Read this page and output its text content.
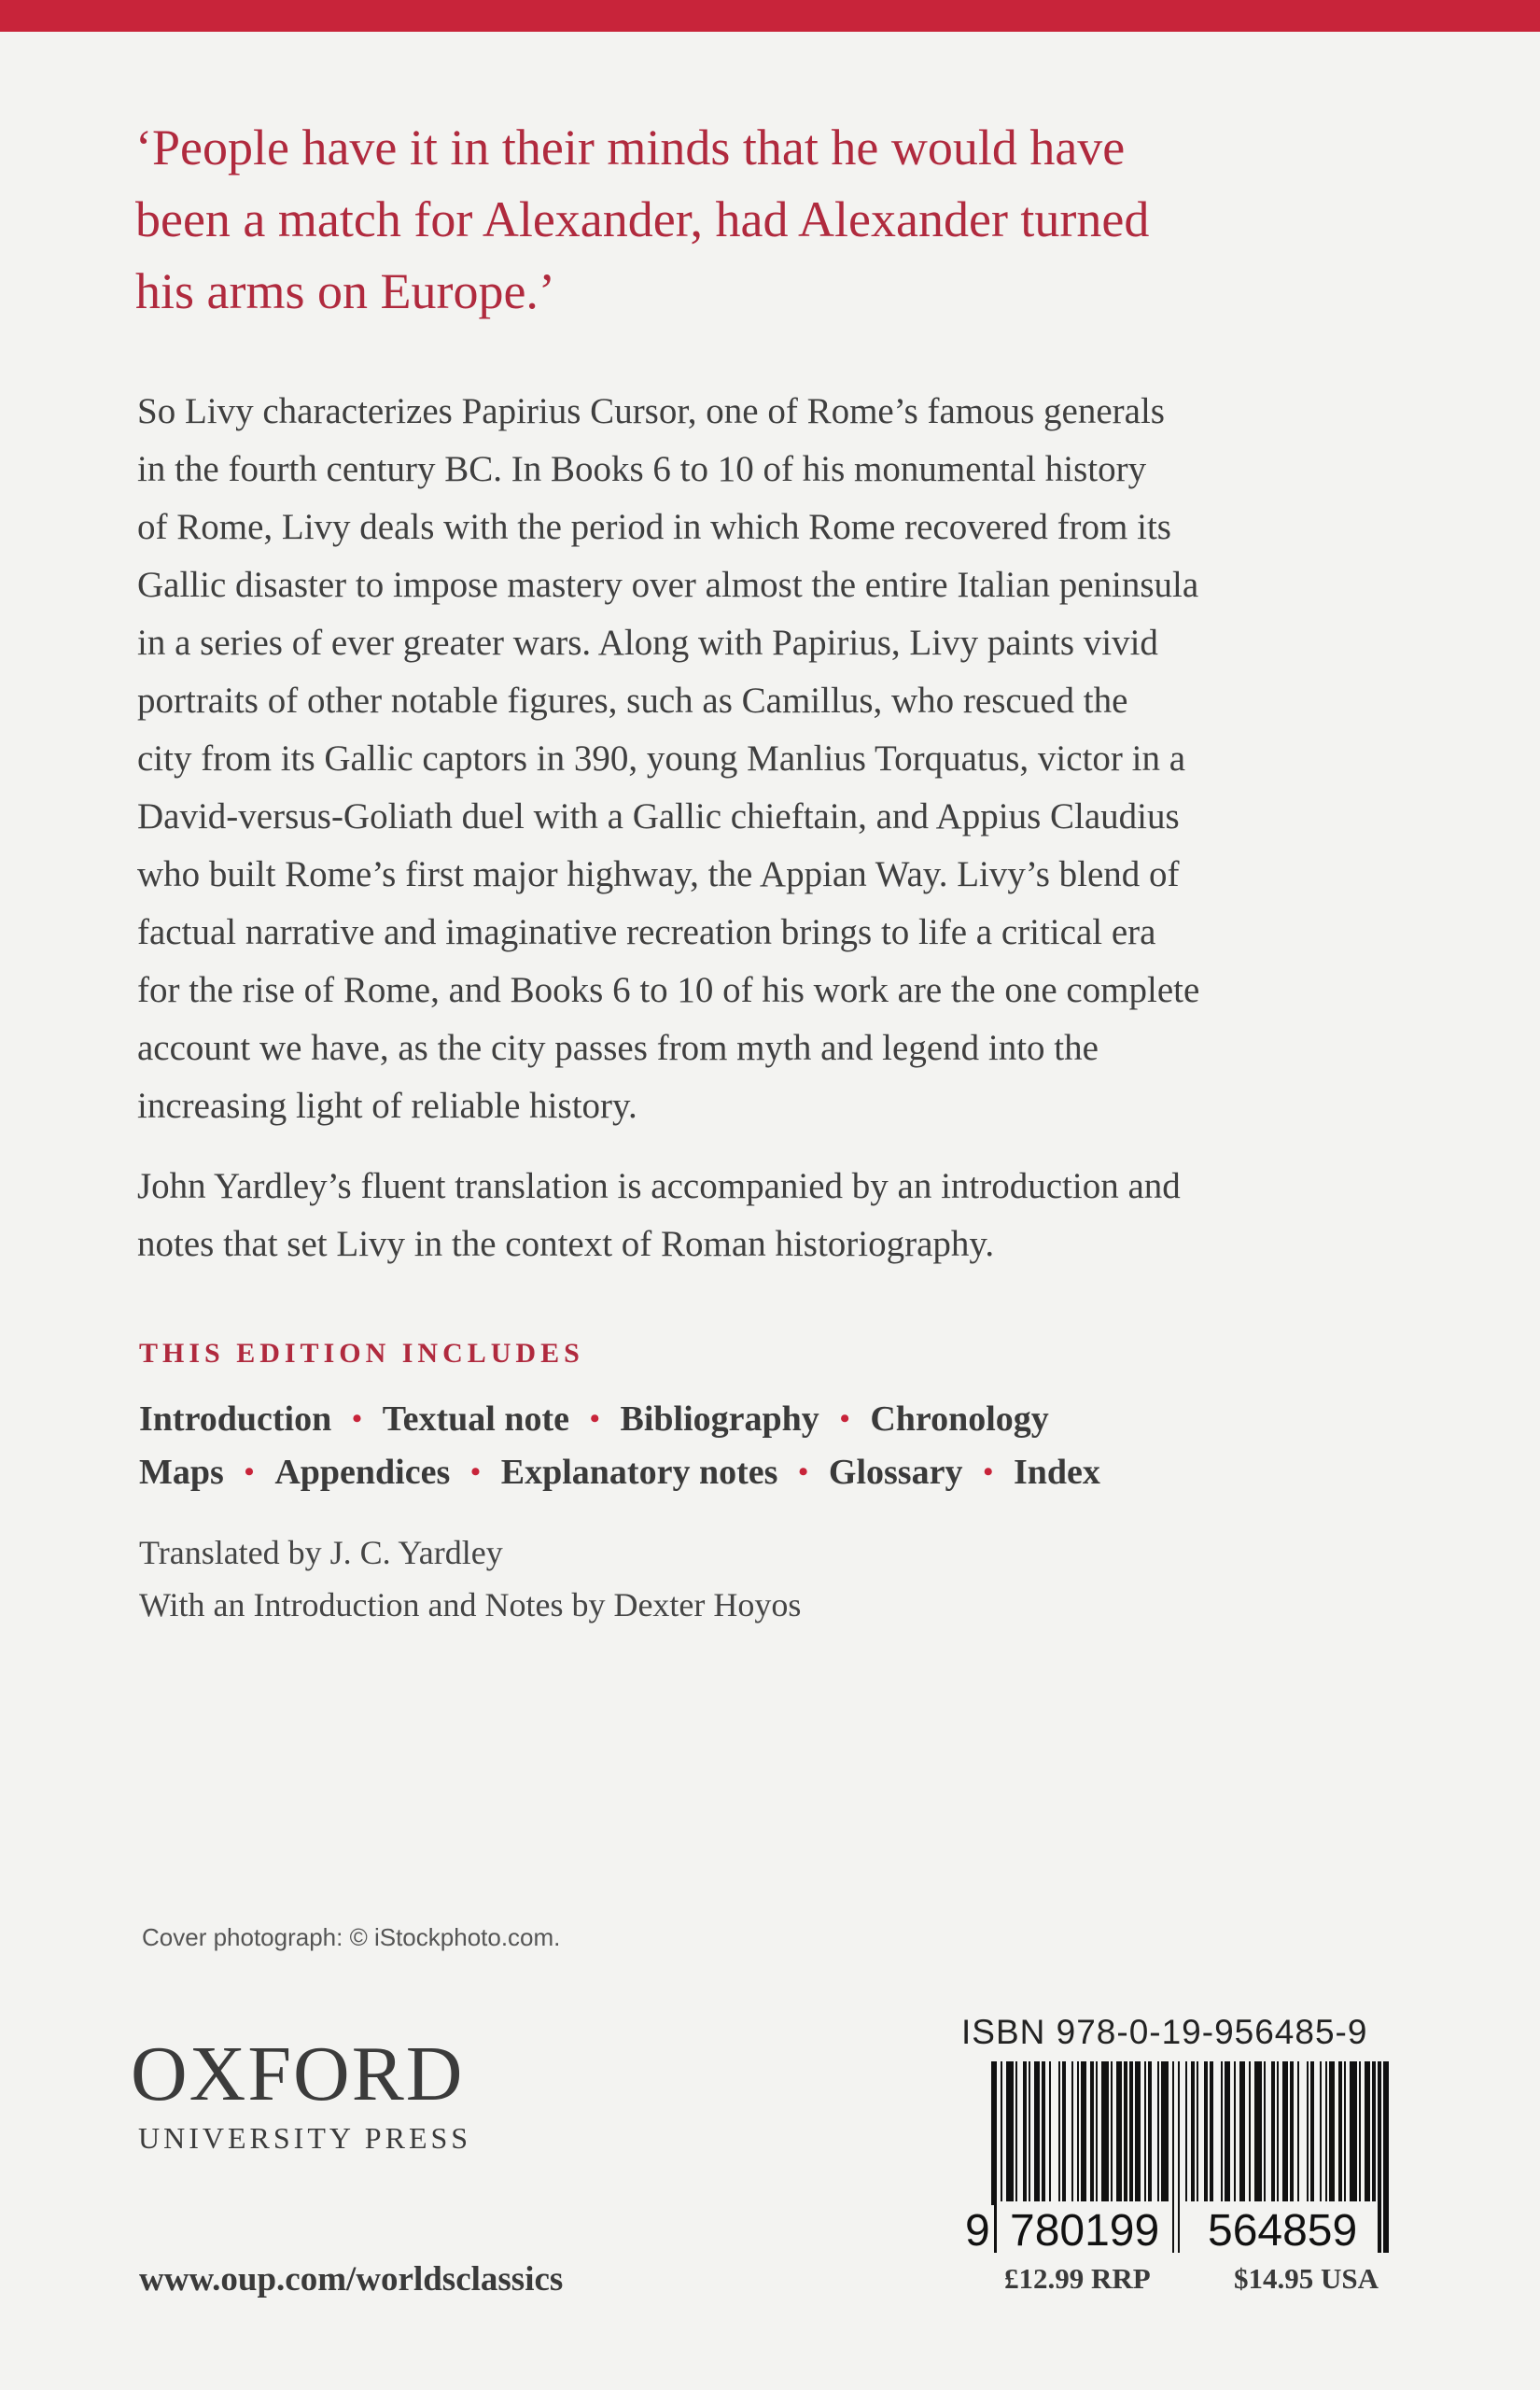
‘People have it in their minds that he would have
been a match for Alexander, had Alexander turned
his arms on Europe.’
So Livy characterizes Papirius Cursor, one of Rome’s famous generals
in the fourth century BC. In Books 6 to 10 of his monumental history
of Rome, Livy deals with the period in which Rome recovered from its
Gallic disaster to impose mastery over almost the entire Italian peninsula
in a series of ever greater wars. Along with Papirius, Livy paints vivid
portraits of other notable figures, such as Camillus, who rescued the
city from its Gallic captors in 390, young Manlius Torquatus, victor in a
David-versus-Goliath duel with a Gallic chieftain, and Appius Claudius
who built Rome’s first major highway, the Appian Way. Livy’s blend of
factual narrative and imaginative recreation brings to life a critical era
for the rise of Rome, and Books 6 to 10 of his work are the one complete
account we have, as the city passes from myth and legend into the
increasing light of reliable history.
John Yardley’s fluent translation is accompanied by an introduction and
notes that set Livy in the context of Roman historiography.
THIS EDITION INCLUDES
Introduction • Textual note • Bibliography • Chronology
Maps • Appendices • Explanatory notes • Glossary • Index
Translated by J. C. Yardley
With an Introduction and Notes by Dexter Hoyos
Cover photograph: © iStockphoto.com.
OXFORD
UNIVERSITY PRESS
www.oup.com/worldsclassics
ISBN 978-0-19-956485-9
9 780199 564859
£12.99 RRP	$14.95 USA
